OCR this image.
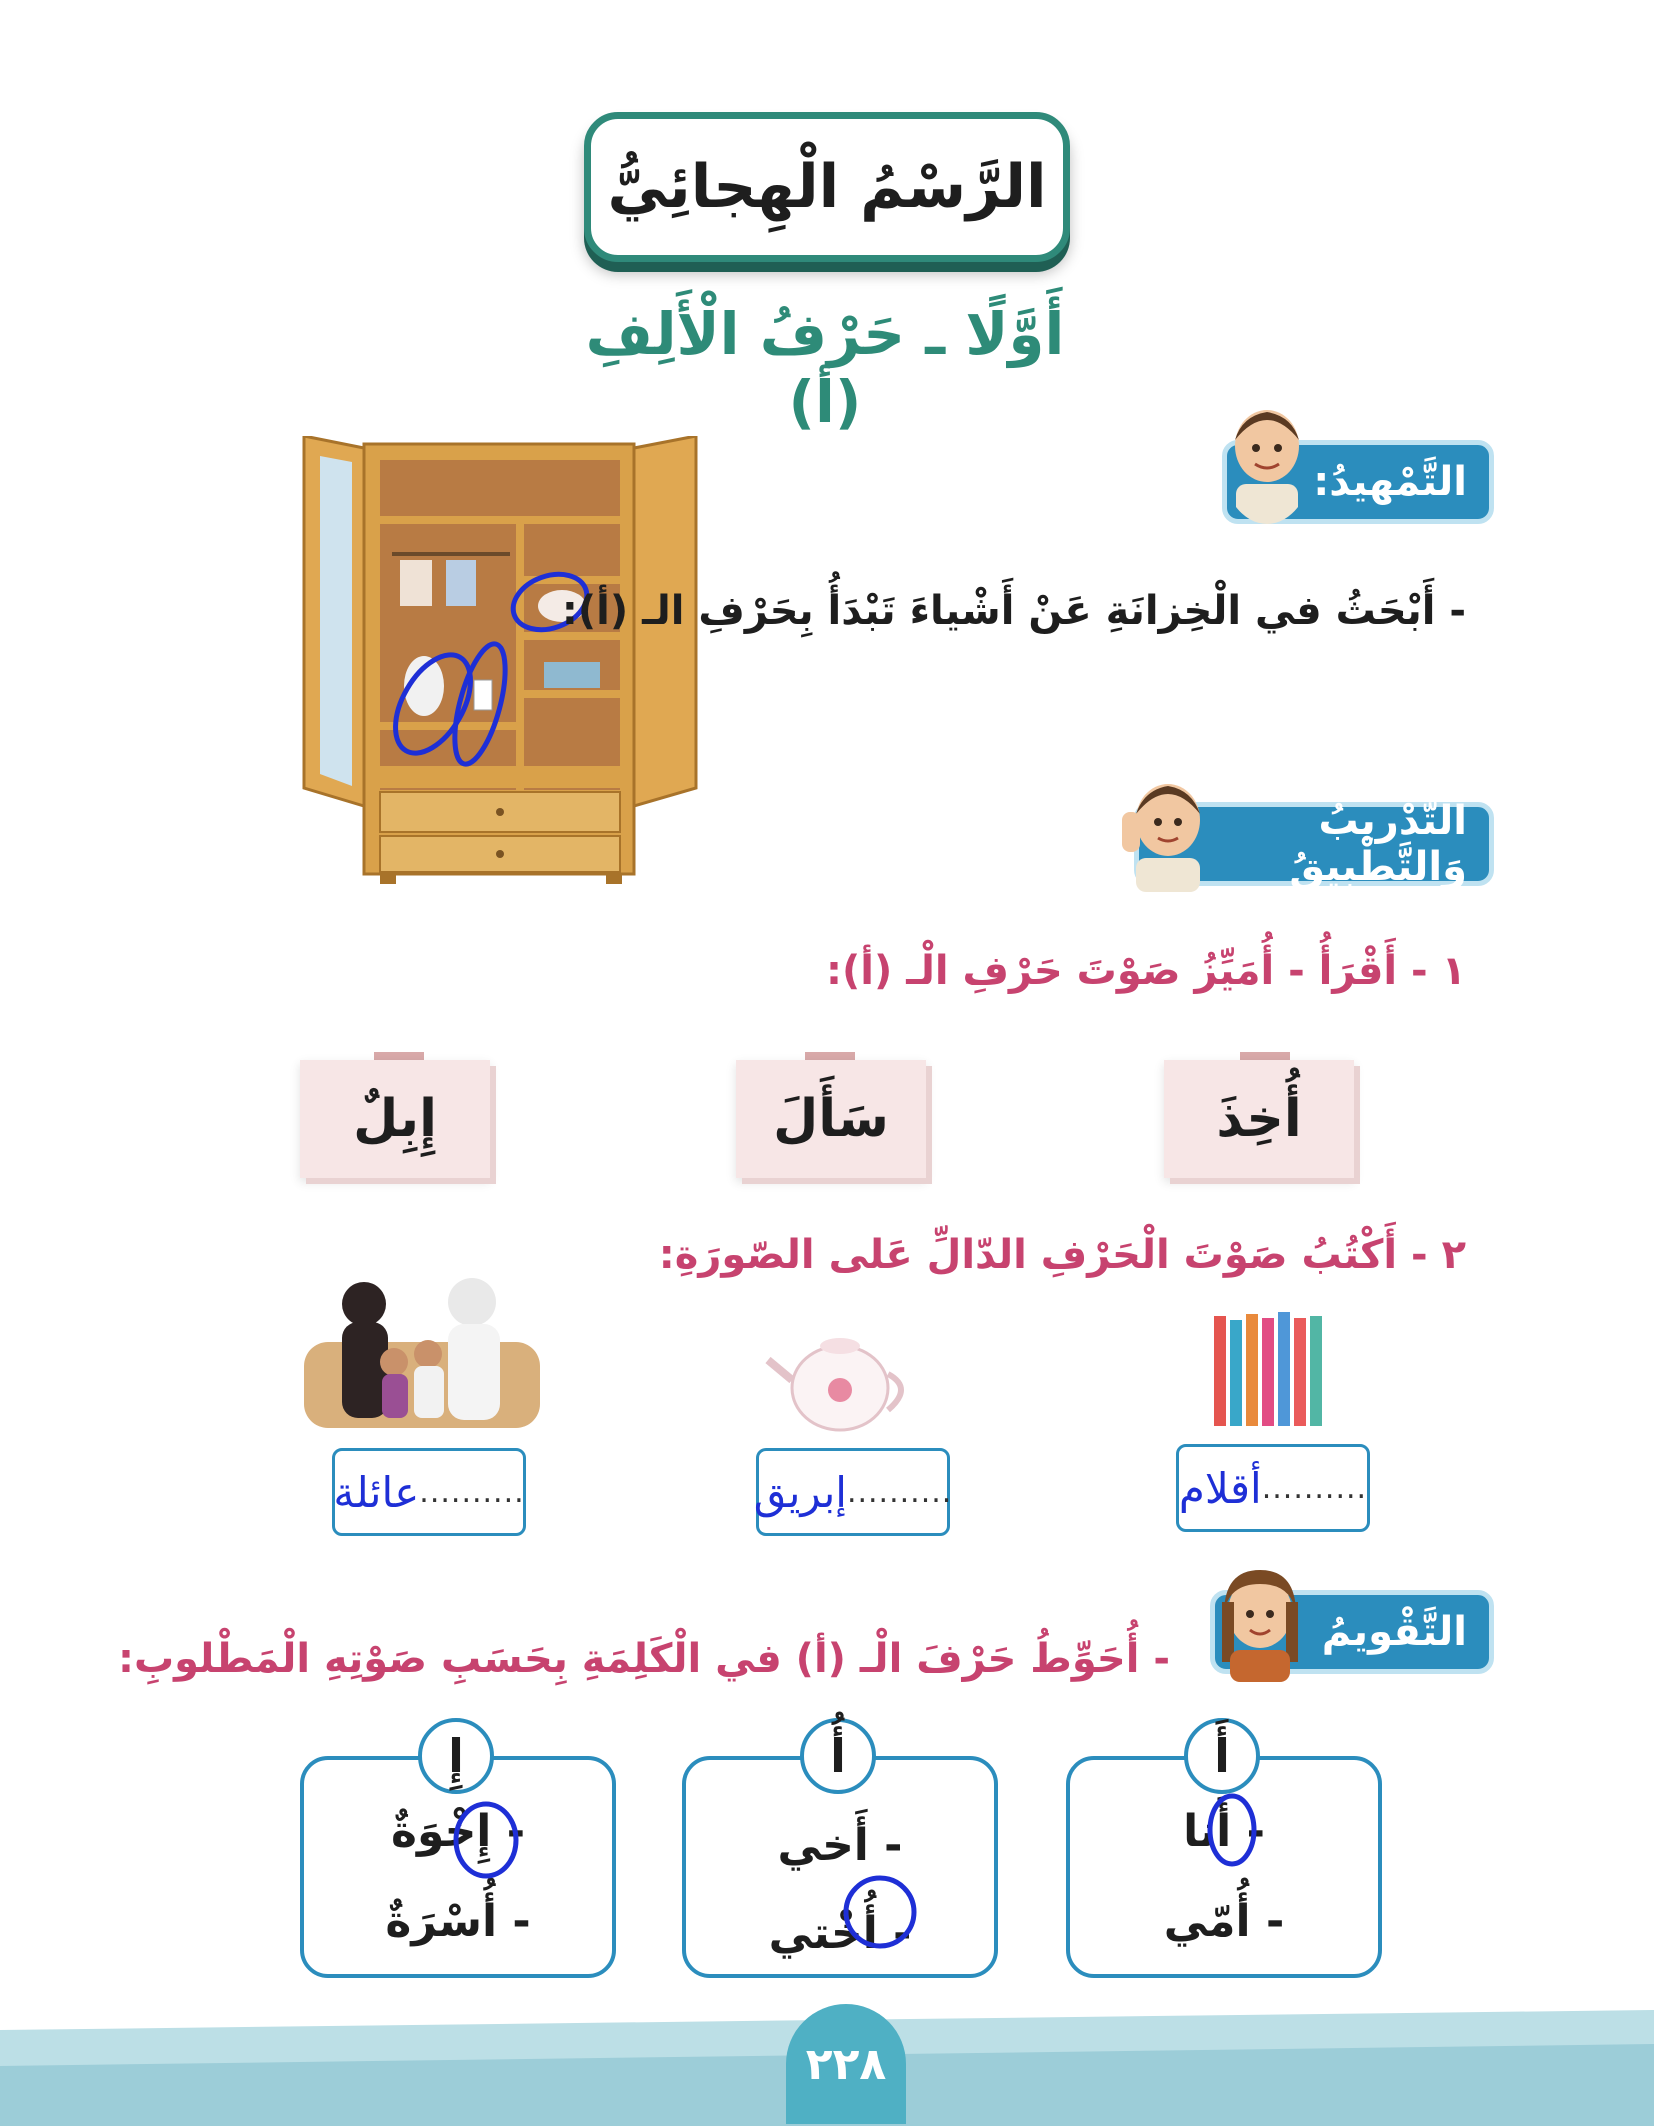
الرَّسْمُ الْهِجائِيُّ
أَوَّلًا ـ حَرْفُ الْأَلِفِ (أ)
التَّمْهيدُ:
- أَبْحَثُ في الْخِزانَةِ عَنْ أَشْياءَ تَبْدَأُ بِحَرْفِ الـ (أ):
التَّدْريبُ وَالتَّطْبيقُ
١ - أَقْرَأُ - أُمَيِّزُ صَوْتَ حَرْفِ الْـ (أ):
أُخِذَ
سَأَلَ
إِبِلٌ
٢ - أَكْتُبُ صَوْتَ الْحَرْفِ الدّالِّ عَلى الصّورَةِ:
..........
أقلام
..........
إبريق
..........
عائلة
التَّقْويمُ
- أُحَوِّطُ حَرْفَ الْـ (أ) في الْكَلِمَةِ بِحَسَبِ صَوْتِهِ الْمَطْلوبِ:
أَ
- أَنا
- أُمّي
أُ
- أَخي
- أُخْتي
إِ
- إِخْوَةٌ
- أُسْرَةٌ
٢٢٨
